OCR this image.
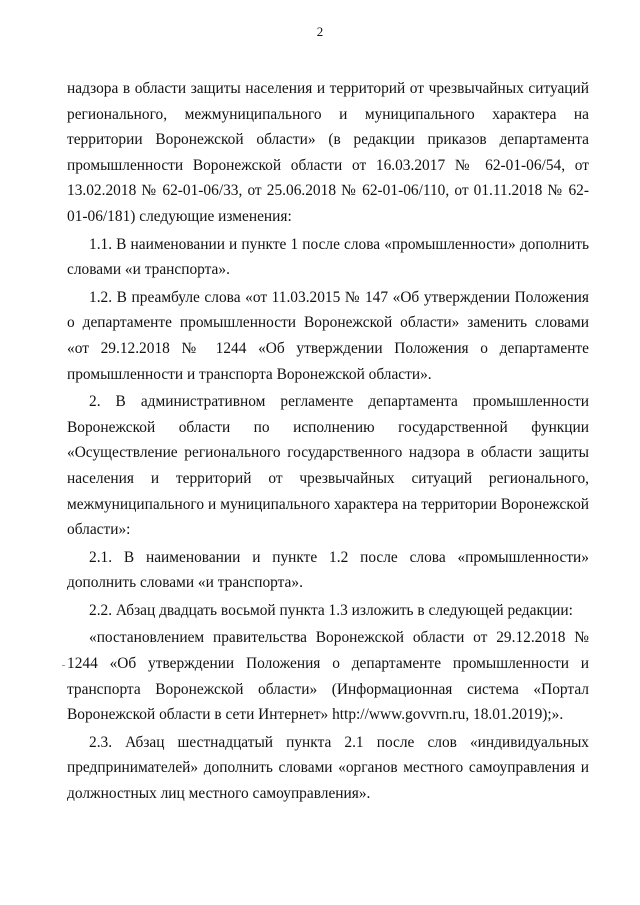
2

надзора в области защиты населения и территорий от чрезвычайных ситуаций регионального, межмуниципального и муниципального характера на территории Воронежской области» (в редакции приказов департамента промышленности Воронежской области от 16.03.2017 № 62-01-06/54, от 13.02.2018 № 62-01-06/33, от 25.06.2018 № 62-01-06/110, от 01.11.2018 № 62-01-06/181) следующие изменения:

1.1. В наименовании и пункте 1 после слова «промышленности» дополнить словами «и транспорта».

1.2. В преамбуле слова «от 11.03.2015 № 147 «Об утверждении Положения о департаменте промышленности Воронежской области» заменить словами «от 29.12.2018 № 1244 «Об утверждении Положения о департаменте промышленности и транспорта Воронежской области».

2. В административном регламенте департамента промышленности Воронежской области по исполнению государственной функции «Осуществление регионального государственного надзора в области защиты населения и территорий от чрезвычайных ситуаций регионального, межмуниципального и муниципального характера на территории Воронежской области»:

2.1. В наименовании и пункте 1.2 после слова «промышленности» дополнить словами «и транспорта».

2.2. Абзац двадцать восьмой пункта 1.3 изложить в следующей редакции:

«постановлением правительства Воронежской области от 29.12.2018 № 1244 «Об утверждении Положения о департаменте промышленности и транспорта Воронежской области» (Информационная система «Портал Воронежской области в сети Интернет» http://www.govvrn.ru, 18.01.2019);».

2.3. Абзац шестнадцатый пункта 2.1 после слов «индивидуальных предпринимателей» дополнить словами «органов местного самоуправления и должностных лиц местного самоуправления».
